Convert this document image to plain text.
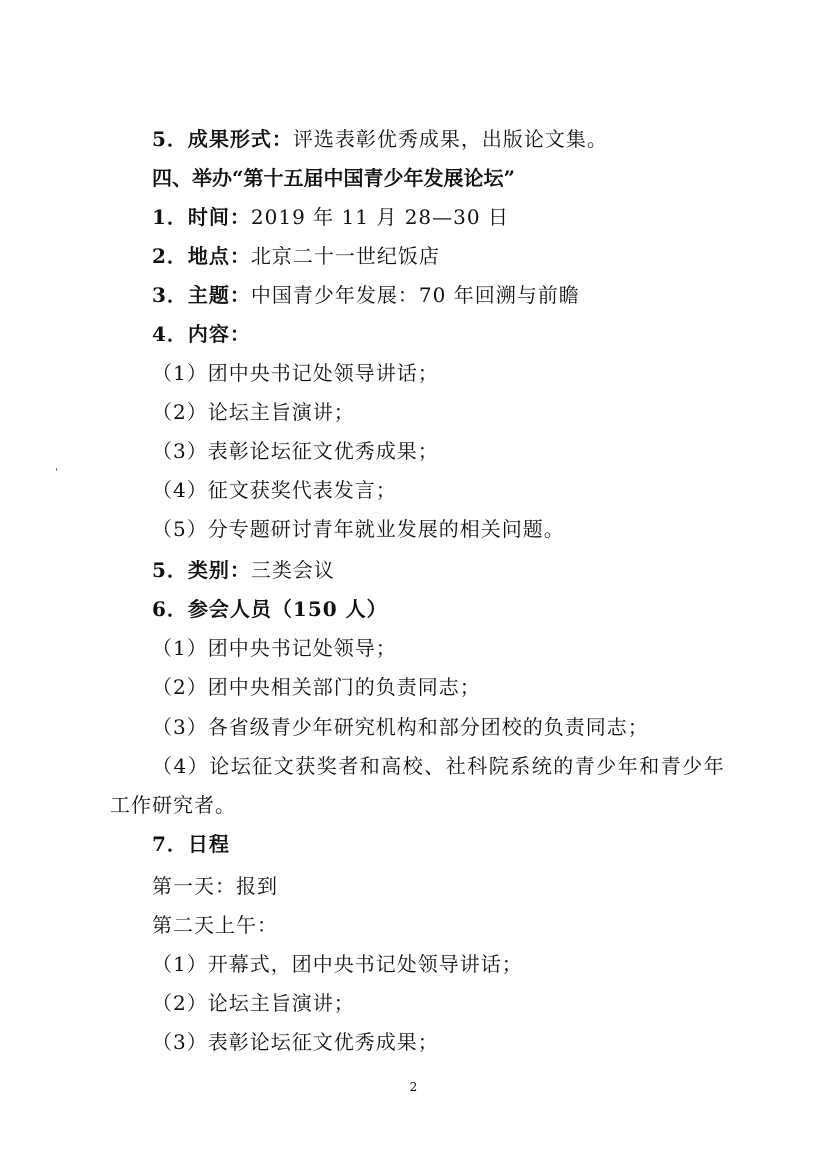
5．成果形式：评选表彰优秀成果，出版论文集。
四、举办“第十五届中国青少年发展论坛”
1．时间：2019 年 11 月 28—30 日
2．地点：北京二十一世纪饭店
3．主题：中国青少年发展：70 年回溯与前瞻
4．内容：
（1）团中央书记处领导讲话；
（2）论坛主旨演讲；
（3）表彰论坛征文优秀成果；
（4）征文获奖代表发言；
（5）分专题研讨青年就业发展的相关问题。
5．类别：三类会议
6．参会人员（150 人）
（1）团中央书记处领导；
（2）团中央相关部门的负责同志；
（3）各省级青少年研究机构和部分团校的负责同志；
（4）论坛征文获奖者和高校、社科院系统的青少年和青少年
工作研究者。
7．日程
第一天：报到
第二天上午：
（1）开幕式，团中央书记处领导讲话；
（2）论坛主旨演讲；
（3）表彰论坛征文优秀成果；
2
